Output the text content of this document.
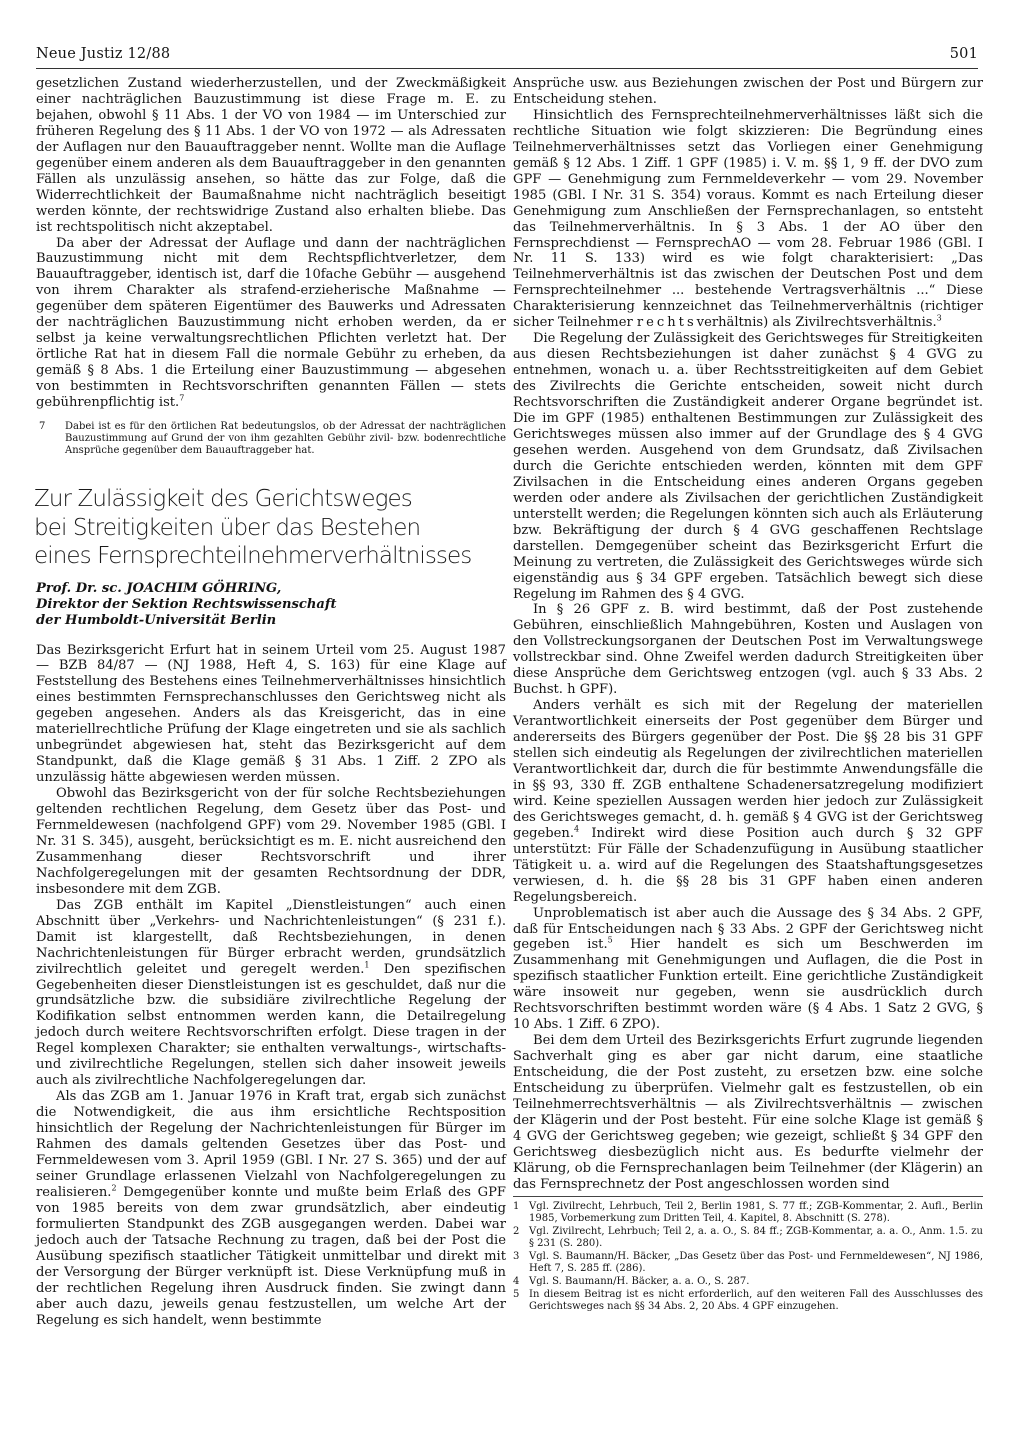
Neue Justiz 12/88	501

gesetzlichen Zustand wiederherzustellen, und der Zweckmäßigkeit einer nachträglichen Bauzustimmung ist diese Frage m. E. zu bejahen, obwohl § 11 Abs. 1 der VO von 1984 — im Unterschied zur früheren Regelung des § 11 Abs. 1 der VO von 1972 — als Adressaten der Auflagen nur den Bauauftraggeber nennt. Wollte man die Auflage gegenüber einem anderen als dem Bauauftraggeber in den genannten Fällen als unzulässig ansehen, so hätte das zur Folge, daß die Widerrechtlichkeit der Baumaßnahme nicht nachträglich beseitigt werden könnte, der rechtswidrige Zustand also erhalten bliebe. Das ist rechtspolitisch nicht akzeptabel.

Da aber der Adressat der Auflage und dann der nachträglichen Bauzustimmung nicht mit dem Rechtspflichtverletzer, dem Bauauftraggeber, identisch ist, darf die 10fache Gebühr — ausgehend von ihrem Charakter als strafend-erzieherische Maßnahme — gegenüber dem späteren Eigentümer des Bauwerks und Adressaten der nachträglichen Bauzustimmung nicht erhoben werden, da er selbst ja keine verwaltungsrechtlichen Pflichten verletzt hat. Der örtliche Rat hat in diesem Fall die normale Gebühr zu erheben, da gemäß § 8 Abs. 1 die Erteilung einer Bauzustimmung — abgesehen von bestimmten in Rechtsvorschriften genannten Fällen — stets gebührenpflichtig ist.$^7$

7	Dabei ist es für den örtlichen Rat bedeutungslos, ob der Adressat der nachträglichen Bauzustimmung auf Grund der von ihm gezahlten Gebühr zivil- bzw. bodenrechtliche Ansprüche gegenüber dem Bauauftraggeber hat.
Zur Zulässigkeit des Gerichtsweges
bei Streitigkeiten über das Bestehen
eines Fernsprechteilnehmerverhältnisses
Prof. Dr. sc. JOACHIM GÖHRING,
Direktor der Sektion Rechtswissenschaft
der Humboldt-Universität Berlin

Das Bezirksgericht Erfurt hat in seinem Urteil vom 25. August 1987 — BZB 84/87 — (NJ 1988, Heft 4, S. 163) für eine Klage auf Feststellung des Bestehens eines Teilnehmerverhältnisses hinsichtlich eines bestimmten Fernsprechanschlusses den Gerichtsweg nicht als gegeben angesehen. Anders als das Kreisgericht, das in eine materiellrechtliche Prüfung der Klage eingetreten und sie als sachlich unbegründet abgewiesen hat, steht das Bezirksgericht auf dem Standpunkt, daß die Klage gemäß § 31 Abs. 1 Ziff. 2 ZPO als unzulässig hätte abgewiesen werden müssen.

Obwohl das Bezirksgericht von der für solche Rechtsbeziehungen geltenden rechtlichen Regelung, dem Gesetz über das Post- und Fernmeldewesen (nachfolgend GPF) vom 29. November 1985 (GBl. I Nr. 31 S. 345), ausgeht, berücksichtigt es m. E. nicht ausreichend den Zusammenhang dieser Rechtsvorschrift und ihrer Nachfolgeregelungen mit der gesamten Rechtsordnung der DDR, insbesondere mit dem ZGB.

Das ZGB enthält im Kapitel „Dienstleistungen“ auch einen Abschnitt über „Verkehrs- und Nachrichtenleistungen“ (§ 231 f.). Damit ist klargestellt, daß Rechtsbeziehungen, in denen Nachrichtenleistungen für Bürger erbracht werden, grundsätzlich zivilrechtlich geleitet und geregelt werden.$^1$ Den spezifischen Gegebenheiten dieser Dienstleistungen ist es geschuldet, daß nur die grundsätzliche bzw. die subsidiäre zivilrechtliche Regelung der Kodifikation selbst entnommen werden kann, die Detailregelung jedoch durch weitere Rechtsvorschriften erfolgt. Diese tragen in der Regel komplexen Charakter; sie enthalten verwaltungs-, wirtschafts- und zivilrechtliche Regelungen, stellen sich daher insoweit jeweils auch als zivilrechtliche Nachfolgeregelungen dar.

Als das ZGB am 1. Januar 1976 in Kraft trat, ergab sich zunächst die Notwendigkeit, die aus ihm ersichtliche Rechtsposition hinsichtlich der Regelung der Nachrichtenleistungen für Bürger im Rahmen des damals geltenden Gesetzes über das Post- und Fernmeldewesen vom 3. April 1959 (GBl. I Nr. 27 S. 365) und der auf seiner Grundlage erlassenen Vielzahl von Nachfolgeregelungen zu realisieren.$^2$ Demgegenüber konnte und mußte beim Erlaß des GPF von 1985 bereits von dem zwar grundsätzlich, aber eindeutig formulierten Standpunkt des ZGB ausgegangen werden. Dabei war jedoch auch der Tatsache Rechnung zu tragen, daß bei der Post die Ausübung spezifisch staatlicher Tätigkeit unmittelbar und direkt mit der Versorgung der Bürger verknüpft ist. Diese Verknüpfung muß in der rechtlichen Regelung ihren Ausdruck finden. Sie zwingt dann aber auch dazu, jeweils genau festzustellen, um welche Art der Regelung es sich handelt, wenn bestimmte

Ansprüche usw. aus Beziehungen zwischen der Post und Bürgern zur Entscheidung stehen.

Hinsichtlich des Fernsprechteilnehmerverhältnisses läßt sich die rechtliche Situation wie folgt skizzieren: Die Begründung eines Teilnehmerverhältnisses setzt das Vorliegen einer Genehmigung gemäß § 12 Abs. 1 Ziff. 1 GPF (1985) i. V. m. §§ 1, 9 ff. der DVO zum GPF — Genehmigung zum Fernmeldeverkehr — vom 29. November 1985 (GBl. I Nr. 31 S. 354) voraus. Kommt es nach Erteilung dieser Genehmigung zum Anschließen der Fernsprechanlagen, so entsteht das Teilnehmerverhältnis. In § 3 Abs. 1 der AO über den Fernsprechdienst — FernsprechAO — vom 28. Februar 1986 (GBl. I Nr. 11 S. 133) wird es wie folgt charakterisiert: „Das Teilnehmerverhältnis ist das zwischen der Deutschen Post und dem Fernsprechteilnehmer ... bestehende Vertragsverhältnis ...“ Diese Charakterisierung kennzeichnet das Teilnehmerverhältnis (richtiger sicher Teilnehmer rechtsverhältnis) als Zivilrechtsverhältnis.$^3$

Die Regelung der Zulässigkeit des Gerichtsweges für Streitigkeiten aus diesen Rechtsbeziehungen ist daher zunächst § 4 GVG zu entnehmen, wonach u. a. über Rechtsstreitigkeiten auf dem Gebiet des Zivilrechts die Gerichte entscheiden, soweit nicht durch Rechtsvorschriften die Zuständigkeit anderer Organe begründet ist. Die im GPF (1985) enthaltenen Bestimmungen zur Zulässigkeit des Gerichtsweges müssen also immer auf der Grundlage des § 4 GVG gesehen werden. Ausgehend von dem Grundsatz, daß Zivilsachen durch die Gerichte entschieden werden, könnten mit dem GPF Zivilsachen in die Entscheidung eines anderen Organs gegeben werden oder andere als Zivilsachen der gerichtlichen Zuständigkeit unterstellt werden; die Regelungen könnten sich auch als Erläuterung bzw. Bekräftigung der durch § 4 GVG geschaffenen Rechtslage darstellen. Demgegenüber scheint das Bezirksgericht Erfurt die Meinung zu vertreten, die Zulässigkeit des Gerichtsweges würde sich eigenständig aus § 34 GPF ergeben. Tatsächlich bewegt sich diese Regelung im Rahmen des § 4 GVG.

In § 26 GPF z. B. wird bestimmt, daß der Post zustehende Gebühren, einschließlich Mahngebühren, Kosten und Auslagen von den Vollstreckungsorganen der Deutschen Post im Verwaltungswege vollstreckbar sind. Ohne Zweifel werden dadurch Streitigkeiten über diese Ansprüche dem Gerichtsweg entzogen (vgl. auch § 33 Abs. 2 Buchst. h GPF).

Anders verhält es sich mit der Regelung der materiellen Verantwortlichkeit einerseits der Post gegenüber dem Bürger und andererseits des Bürgers gegenüber der Post. Die §§ 28 bis 31 GPF stellen sich eindeutig als Regelungen der zivilrechtlichen materiellen Verantwortlichkeit dar, durch die für bestimmte Anwendungsfälle die in §§ 93, 330 ff. ZGB enthaltene Schadenersatzregelung modifiziert wird. Keine speziellen Aussagen werden hier jedoch zur Zulässigkeit des Gerichtsweges gemacht, d. h. gemäß § 4 GVG ist der Gerichtsweg gegeben.$^4$ Indirekt wird diese Position auch durch § 32 GPF unterstützt: Für Fälle der Schadenzufügung in Ausübung staatlicher Tätigkeit u. a. wird auf die Regelungen des Staatshaftungsgesetzes verwiesen, d. h. die §§ 28 bis 31 GPF haben einen anderen Regelungsbereich.

Unproblematisch ist aber auch die Aussage des § 34 Abs. 2 GPF, daß für Entscheidungen nach § 33 Abs. 2 GPF der Gerichtsweg nicht gegeben ist.$^5$ Hier handelt es sich um Beschwerden im Zusammenhang mit Genehmigungen und Auflagen, die die Post in spezifisch staatlicher Funktion erteilt. Eine gerichtliche Zuständigkeit wäre insoweit nur gegeben, wenn sie ausdrücklich durch Rechtsvorschriften bestimmt worden wäre (§ 4 Abs. 1 Satz 2 GVG, § 10 Abs. 1 Ziff. 6 ZPO).

Bei dem dem Urteil des Bezirksgerichts Erfurt zugrunde liegenden Sachverhalt ging es aber gar nicht darum, eine staatliche Entscheidung, die der Post zusteht, zu ersetzen bzw. eine solche Entscheidung zu überprüfen. Vielmehr galt es festzustellen, ob ein Teilnehmerrechtsverhältnis — als Zivilrechtsverhältnis — zwischen der Klägerin und der Post besteht. Für eine solche Klage ist gemäß § 4 GVG der Gerichtsweg gegeben; wie gezeigt, schließt § 34 GPF den Gerichtsweg diesbezüglich nicht aus. Es bedurfte vielmehr der Klärung, ob die Fernsprechanlagen beim Teilnehmer (der Klägerin) an das Fernsprechnetz der Post angeschlossen worden sind

1 Vgl. Zivilrecht, Lehrbuch, Teil 2, Berlin 1981, S. 77 ff.; ZGB-Kommentar, 2. Aufl., Berlin 1985, Vorbemerkung zum Dritten Teil, 4. Kapitel, 8. Abschnitt (S. 278).
2 Vgl. Zivilrecht, Lehrbuch; Teil 2, a. a. O., S. 84 ff.; ZGB-Kommentar, a. a. O., Anm. 1.5. zu § 231 (S. 280).
3 Vgl. S. Baumann/H. Bäcker, „Das Gesetz über das Post- und Fernmeldewesen“, NJ 1986, Heft 7, S. 285 ff. (286).
4 Vgl. S. Baumann/H. Bäcker, a. a. O., S. 287.
5 In diesem Beitrag ist es nicht erforderlich, auf den weiteren Fall des Ausschlusses des Gerichtsweges nach §§ 34 Abs. 2, 20 Abs. 4 GPF einzugehen.
